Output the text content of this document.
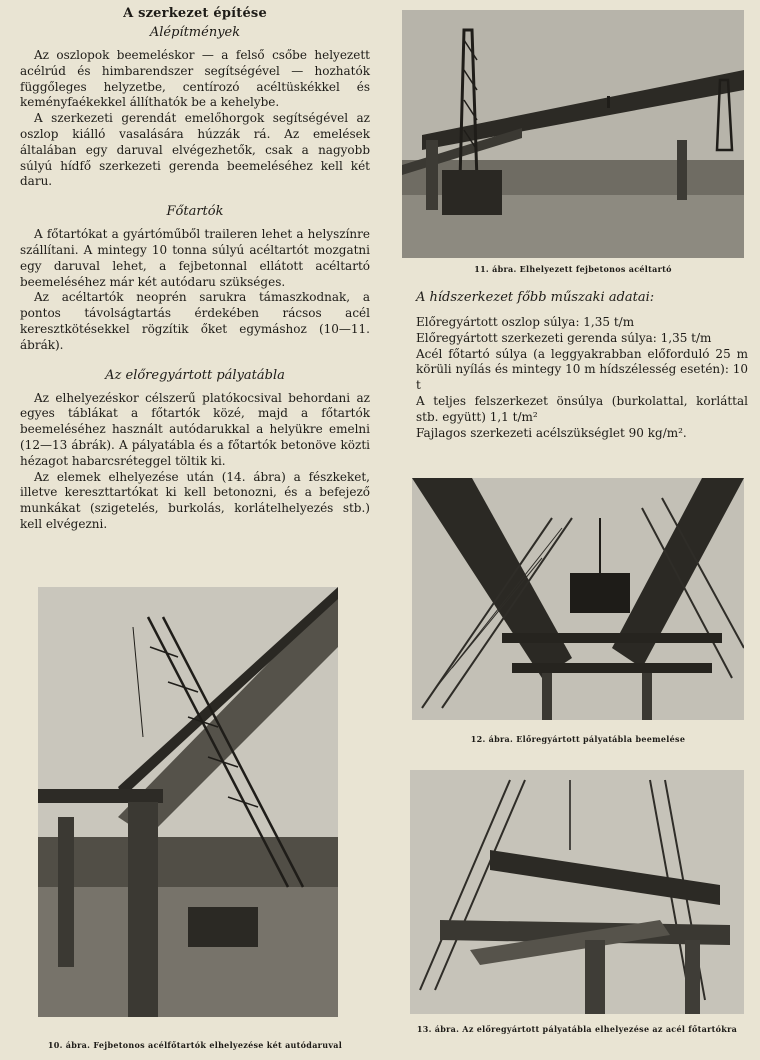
A szerkezet építése
Alépítmények

Az oszlopok beemeléskor — a felső csőbe helyezett acélrúd és himbarendszer segítségével — hozhatók függőleges helyzetbe, centírozó acéltüskékkel és keményfaékekkel állíthatók be a kehelybe.

A szerkezeti gerendát emelőhorgok segítségével az oszlop kiálló vasalására húzzák rá. Az emelések általában egy daruval elvégezhetők, csak a nagyobb súlyú hídfő szerkezeti gerenda beemeléséhez kell két daru.

Főtartók

A főtartókat a gyártóműből traileren lehet a helyszínre szállítani. A mintegy 10 tonna súlyú acéltartót mozgatni egy daruval lehet, a fejbetonnal ellátott acéltartó beemeléséhez már két autódaru szükséges.

Az acéltartók neoprén sarukra támaszkodnak, a pontos távolságtartás érdekében rácsos acél keresztkötésekkel rögzítik őket egymáshoz (10—11. ábrák).

Az előregyártott pályatábla

Az elhelyezéskor célszerű platókocsival behordani az egyes táblákat a főtartók közé, majd a főtartók beemeléséhez használt autódarukkal a helyükre emelni (12—13 ábrák). A pályatábla és a főtartók betonöve közti hézagot habarcsréteggel töltik ki.

Az elemek elhelyezése után (14. ábra) a fészkeket, illetve kereszttartókat ki kell betonozni, és a befejező munkákat (szigetelés, burkolás, korlátelhelyezés stb.) kell elvégezni.

A hídszerkezet főbb műszaki adatai:

Előregyártott oszlop súlya: 1,35 t/m

Előregyártott szerkezeti gerenda súlya: 1,35 t/m

Acél főtartó súlya (a leggyakrabban előforduló 25 m körüli nyílás és mintegy 10 m hídszélesség esetén): 10 t

A teljes felszerkezet önsúlya (burkolattal, korláttal stb. együtt) 1,1 t/m²

Fajlagos szerkezeti acélszükséglet 90 kg/m².

11. ábra. Elhelyezett fejbetonos acéltartó
12. ábra. Előregyártott pályatábla beemelése
13. ábra. Az előregyártott pályatábla elhelyezése az acél főtartókra
10. ábra. Fejbetonos acélfőtartók elhelyezése két autódaruval
